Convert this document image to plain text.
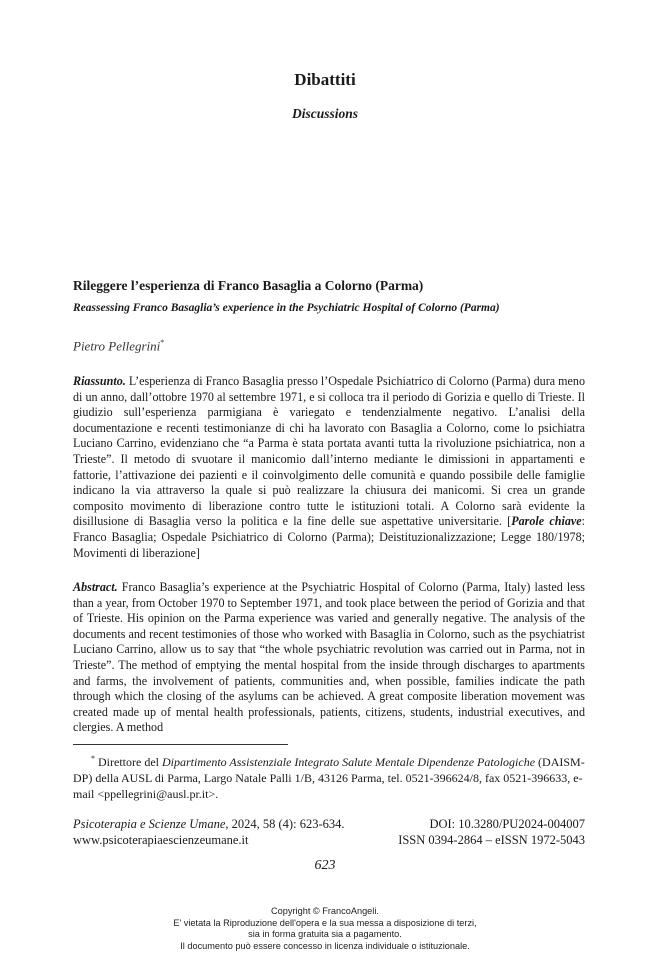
Dibattiti
Discussions
Rileggere l’esperienza di Franco Basaglia a Colorno (Parma)
Reassessing Franco Basaglia’s experience in the Psychiatric Hospital of Colorno (Parma)
Pietro Pellegrini*

Riassunto. L’esperienza di Franco Basaglia presso l’Ospedale Psichiatrico di Colorno (Parma) dura meno di un anno, dall’ottobre 1970 al settembre 1971, e si colloca tra il periodo di Gorizia e quello di Trieste. Il giudizio sull’esperienza parmigiana è variegato e tendenzialmente negativo. L’analisi della documentazione e recenti testimonianze di chi ha lavorato con Basaglia a Colorno, come lo psichiatra Luciano Carrino, evidenziano che “a Parma è stata portata avanti tutta la rivoluzione psichiatrica, non a Trieste”. Il metodo di svuotare il manicomio dall’interno mediante le dimissioni in appartamenti e fattorie, l’attivazione dei pazienti e il coinvolgimento delle comunità e quando possibile delle famiglie indicano la via attraverso la quale si può realizzare la chiusura dei manicomi. Si crea un grande composito movimento di liberazione contro tutte le istituzioni totali. A Colorno sarà evidente la disillusione di Basaglia verso la politica e la fine delle sue aspettative universitarie. [Parole chiave: Franco Basaglia; Ospedale Psichiatrico di Colorno (Parma); Deistituzionalizzazione; Legge 180/1978; Movimenti di liberazione]

Abstract. Franco Basaglia’s experience at the Psychiatric Hospital of Colorno (Parma, Italy) lasted less than a year, from October 1970 to September 1971, and took place between the period of Gorizia and that of Trieste. His opinion on the Parma experience was varied and generally negative. The analysis of the documents and recent testimonies of those who worked with Basaglia in Colorno, such as the psychiatrist Luciano Carrino, allow us to say that “the whole psychiatric revolution was carried out in Parma, not in Trieste”. The method of emptying the mental hospital from the inside through discharges to apartments and farms, the involvement of patients, communities and, when possible, families indicate the path through which the closing of the asylums can be achieved. A great composite liberation movement was created made up of mental health professionals, patients, citizens, students, industrial executives, and clergies. A method

* Direttore del Dipartimento Assistenziale Integrato Salute Mentale Dipendenze Patologiche (DAISM-DP) della AUSL di Parma, Largo Natale Palli 1/B, 43126 Parma, tel. 0521-396624/8, fax 0521-396633, e-mail <ppellegrini@ausl.pr.it>.

Psicoterapia e Scienze Umane, 2024, 58 (4): 623-634.	DOI: 10.3280/PU2024-004007
www.psicoterapiaescienzeumane.it	ISSN 0394-2864 – eISSN 1972-5043
623
Copyright © FrancoAngeli.
E' vietata la Riproduzione dell'opera e la sua messa a disposizione di terzi,
sia in forma gratuita sia a pagamento.
Il documento può essere concesso in licenza individuale o istituzionale.
